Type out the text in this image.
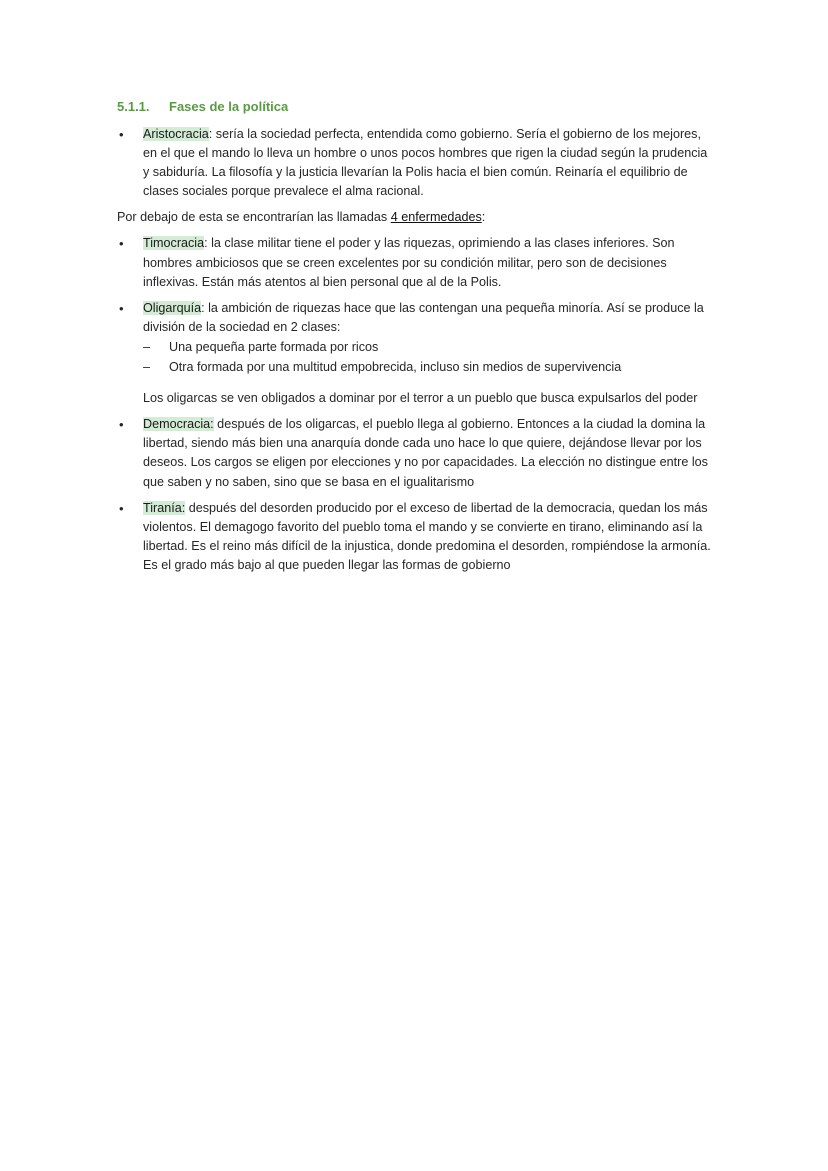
5.1.1. Fases de la política
• Aristocracia: sería la sociedad perfecta, entendida como gobierno. Sería el gobierno de los mejores, en el que el mando lo lleva un hombre o unos pocos hombres que rigen la ciudad según la prudencia y sabiduría. La filosofía y la justicia llevarían la Polis hacia el bien común. Reinaría el equilibrio de clases sociales porque prevalece el alma racional.
Por debajo de esta se encontrarían las llamadas 4 enfermedades:
• Timocracia: la clase militar tiene el poder y las riquezas, oprimiendo a las clases inferiores. Son hombres ambiciosos que se creen excelentes por su condición militar, pero son de decisiones inflexivas. Están más atentos al bien personal que al de la Polis.
• Oligarquía: la ambición de riquezas hace que las contengan una pequeña minoría. Así se produce la división de la sociedad en 2 clases:
– Una pequeña parte formada por ricos
– Otra formada por una multitud empobrecida, incluso sin medios de supervivencia
Los oligarcas se ven obligados a dominar por el terror a un pueblo que busca expulsarlos del poder
• Democracia: después de los oligarcas, el pueblo llega al gobierno. Entonces a la ciudad la domina la libertad, siendo más bien una anarquía donde cada uno hace lo que quiere, dejándose llevar por los deseos. Los cargos se eligen por elecciones y no por capacidades. La elección no distingue entre los que saben y no saben, sino que se basa en el igualitarismo
• Tiranía: después del desorden producido por el exceso de libertad de la democracia, quedan los más violentos. El demagogo favorito del pueblo toma el mando y se convierte en tirano, eliminando así la libertad. Es el reino más difícil de la injustica, donde predomina el desorden, rompiéndose la armonía. Es el grado más bajo al que pueden llegar las formas de gobierno
